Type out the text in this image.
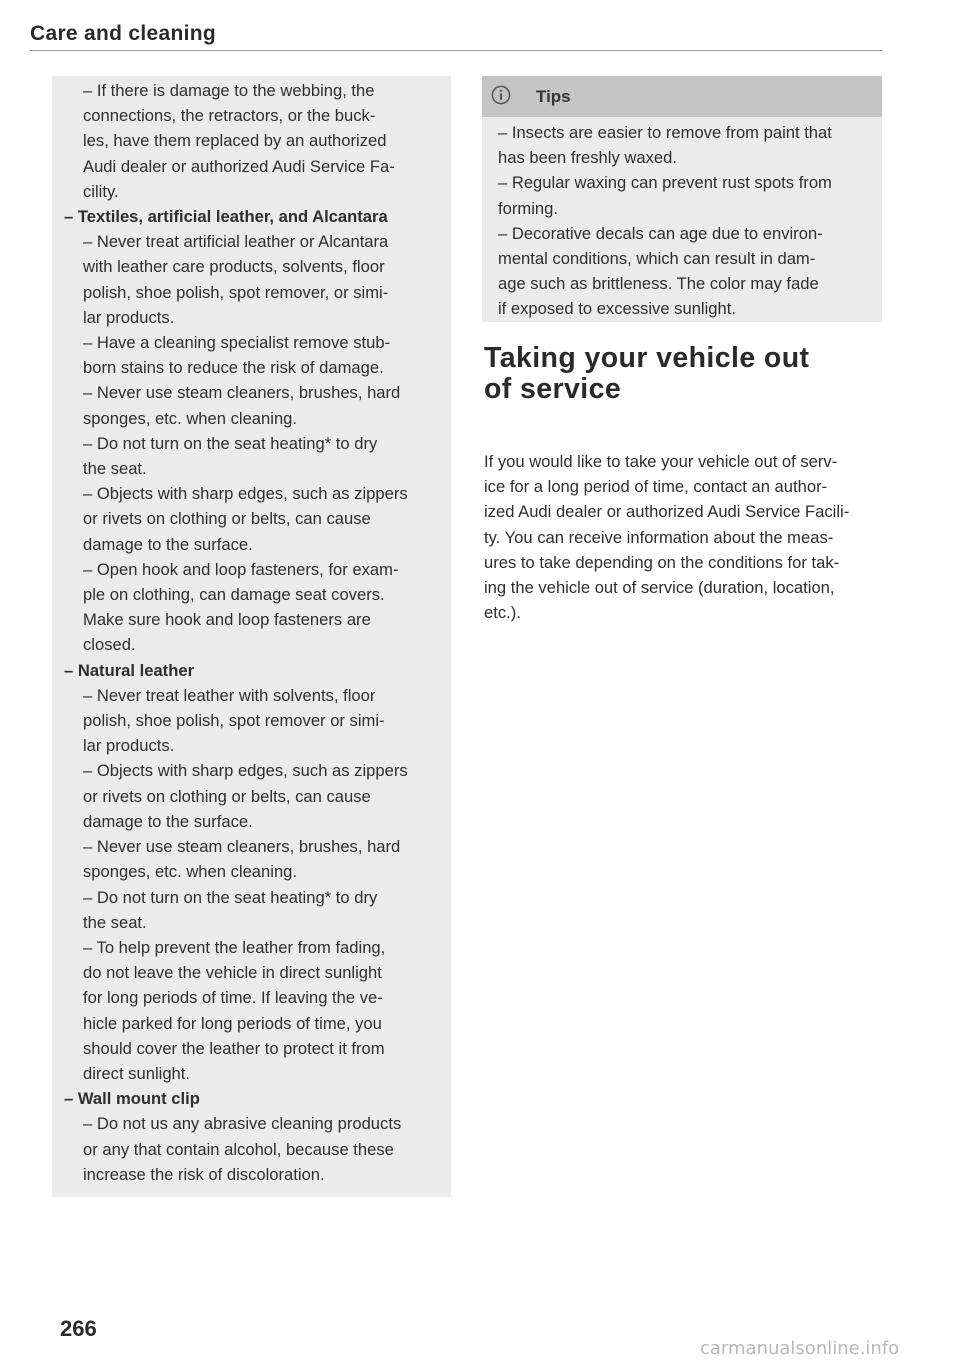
Care and cleaning
– If there is damage to the webbing, the
connections, the retractors, or the buck-
les, have them replaced by an authorized
Audi dealer or authorized Audi Service Fa-
cility.
– Textiles, artificial leather, and Alcantara
– Never treat artificial leather or Alcantara
with leather care products, solvents, floor
polish, shoe polish, spot remover, or simi-
lar products.
– Have a cleaning specialist remove stub-
born stains to reduce the risk of damage.
– Never use steam cleaners, brushes, hard
sponges, etc. when cleaning.
– Do not turn on the seat heating* to dry
the seat.
– Objects with sharp edges, such as zippers
or rivets on clothing or belts, can cause
damage to the surface.
– Open hook and loop fasteners, for exam-
ple on clothing, can damage seat covers.
Make sure hook and loop fasteners are
closed.
– Natural leather
– Never treat leather with solvents, floor
polish, shoe polish, spot remover or simi-
lar products.
– Objects with sharp edges, such as zippers
or rivets on clothing or belts, can cause
damage to the surface.
– Never use steam cleaners, brushes, hard
sponges, etc. when cleaning.
– Do not turn on the seat heating* to dry
the seat.
– To help prevent the leather from fading,
do not leave the vehicle in direct sunlight
for long periods of time. If leaving the ve-
hicle parked for long periods of time, you
should cover the leather to protect it from
direct sunlight.
– Wall mount clip
– Do not us any abrasive cleaning products
or any that contain alcohol, because these
increase the risk of discoloration.
Tips
– Insects are easier to remove from paint that
has been freshly waxed.
– Regular waxing can prevent rust spots from
forming.
– Decorative decals can age due to environ-
mental conditions, which can result in dam-
age such as brittleness. The color may fade
if exposed to excessive sunlight.
Taking your vehicle out
of service
If you would like to take your vehicle out of serv-
ice for a long period of time, contact an author-
ized Audi dealer or authorized Audi Service Facili-
ty. You can receive information about the meas-
ures to take depending on the conditions for tak-
ing the vehicle out of service (duration, location,
etc.).
266
carmanualsonline.info
